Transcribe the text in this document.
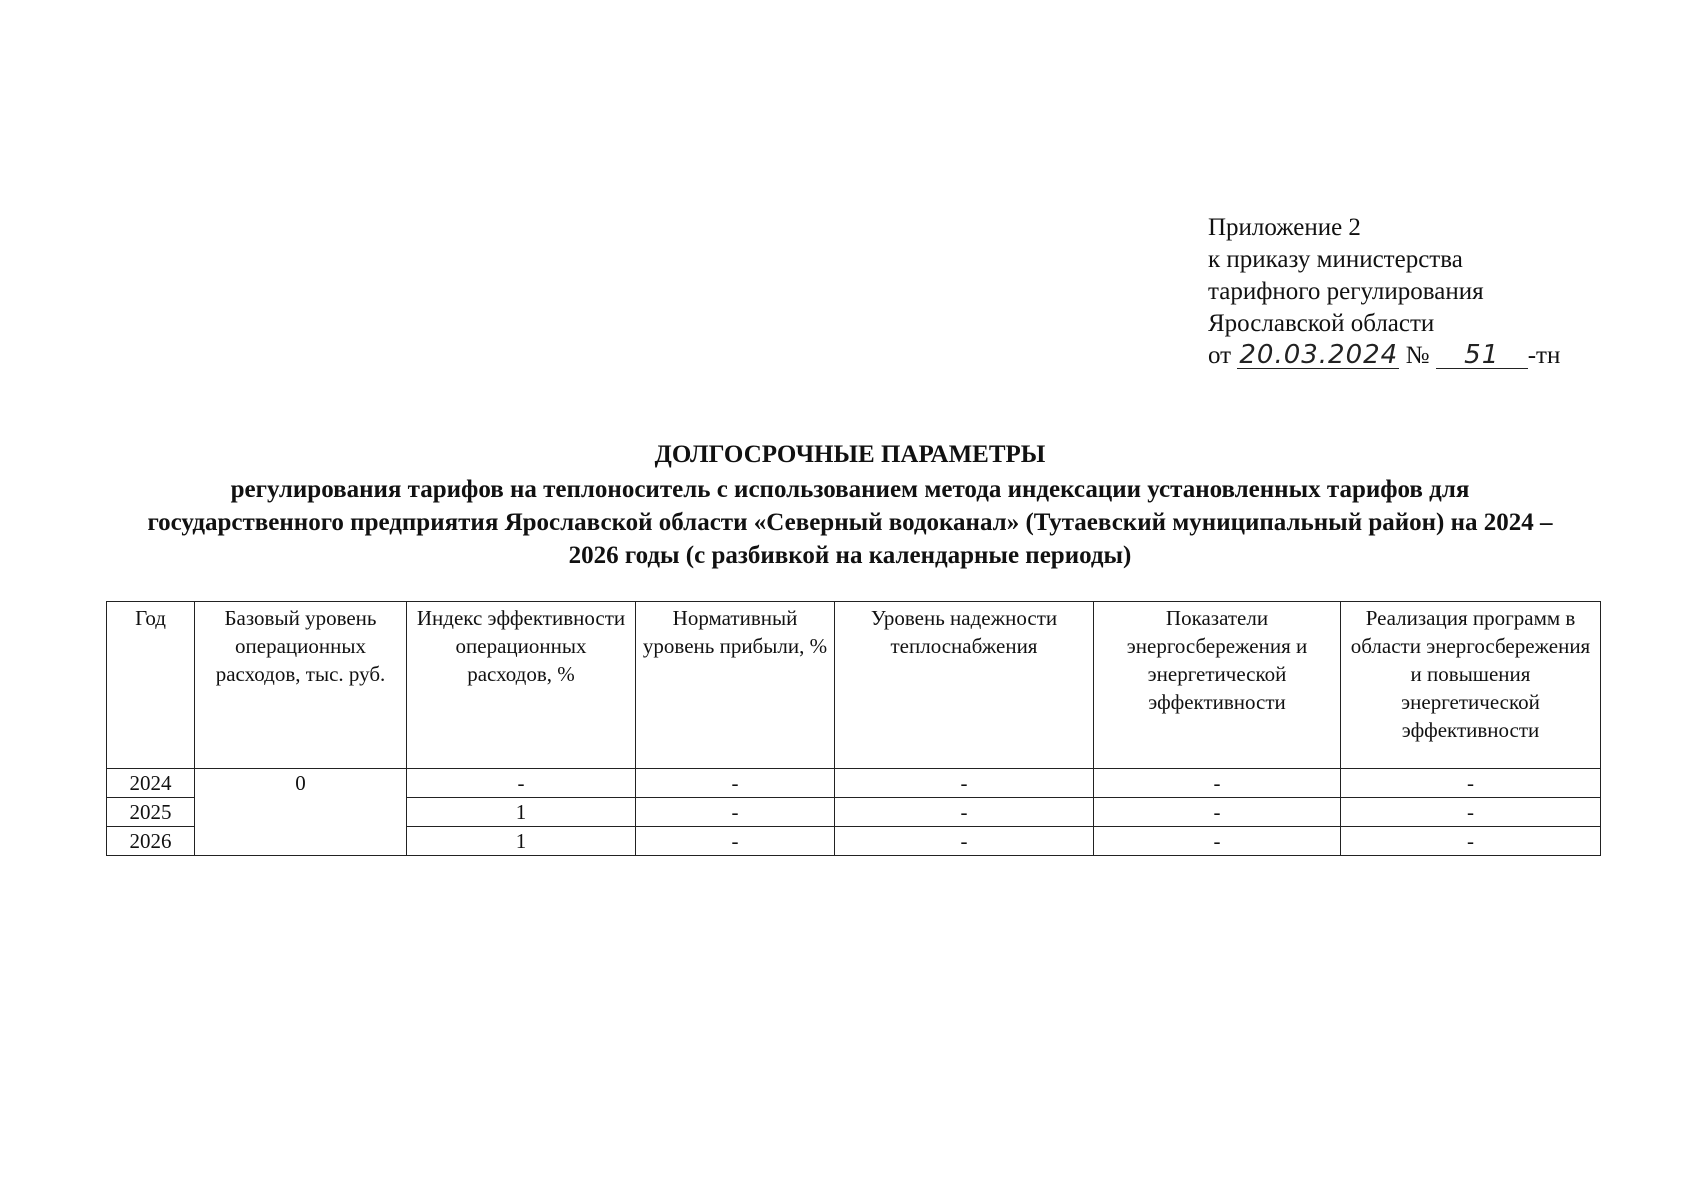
Приложение 2
к приказу министерства
тарифного регулирования
Ярославской области
от 20.03.2024 № 51 -тн
ДОЛГОСРОЧНЫЕ ПАРАМЕТРЫ
регулирования тарифов на теплоноситель с использованием метода индексации установленных тарифов для государственного предприятия Ярославской области «Северный водоканал» (Тутаевский муниципальный район) на 2024 – 2026 годы (с разбивкой на календарные периоды)
Год	Базовый уровень операционных расходов, тыс. руб.	Индекс эффективности операционных расходов, %	Нормативный уровень прибыли, %	Уровень надежности теплоснабжения	Показатели энергосбережения и энергетической эффективности	Реализация программ в области энергосбережения и повышения энергетической эффективности
2024	0	-	-	-	-	-
2025		1	-	-	-	-
2026		1	-	-	-	-
